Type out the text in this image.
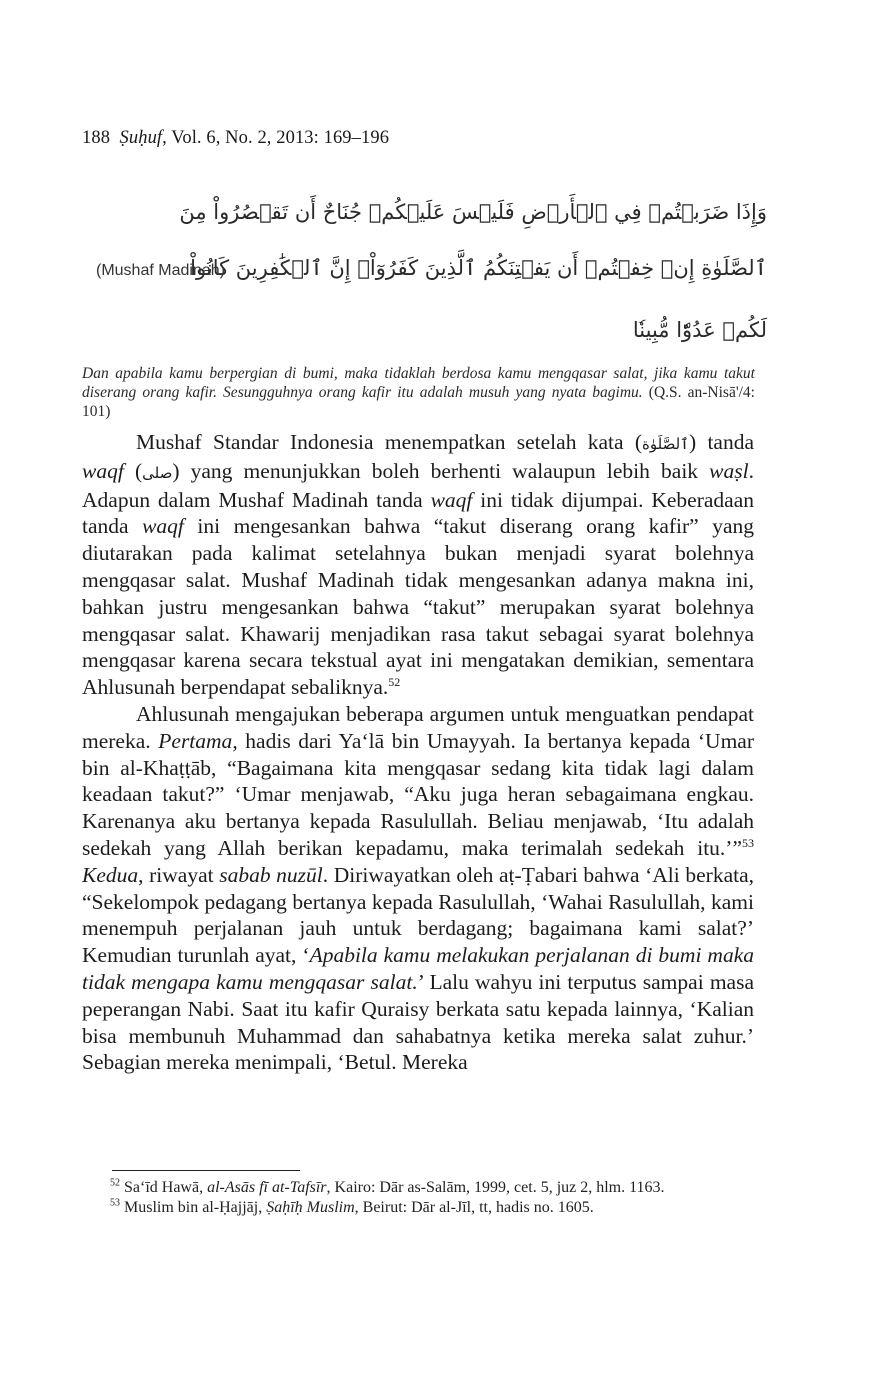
188 Ṣuḥuf, Vol. 6, No. 2, 2013: 169–196
وَإِذَا ضَرَبۡتُمۡ فِي ٱلۡأَرۡضِ فَلَيۡسَ عَلَيۡكُمۡ جُنَاحٌ أَن تَقۡصُرُواْ مِنَ
ٱلصَّلَوٰةِ إِنۡ خِفۡتُمۡ أَن يَفۡتِنَكُمُ ٱلَّذِينَ كَفَرُوٓاْۚ إِنَّ ٱلۡكَٰفِرِينَ كَانُواْ
لَكُمۡ عَدُوّٗا مُّبِينٗا
(Mushaf Madinah)
Dan apabila kamu berpergian di bumi, maka tidaklah berdosa kamu mengqasar salat, jika kamu takut diserang orang kafir. Sesungguhnya orang kafir itu adalah musuh yang nyata bagimu. (Q.S. an-Nisā'/4: 101)

Mushaf Standar Indonesia menempatkan setelah kata (ٱلصَّلَوٰة) tanda waqf (صلى) yang menunjukkan boleh berhenti walaupun lebih baik waṣl. Adapun dalam Mushaf Madinah tanda waqf ini tidak dijumpai. Keberadaan tanda waqf ini mengesankan bahwa “takut diserang orang kafir” yang diutarakan pada kalimat setelahnya bukan menjadi syarat bolehnya mengqasar salat. Mushaf Madinah tidak mengesankan adanya makna ini, bahkan justru mengesankan bahwa “takut” merupakan syarat bolehnya mengqasar salat. Khawarij menjadikan rasa takut sebagai syarat bolehnya mengqasar karena secara tekstual ayat ini mengatakan demikian, sementara Ahlusunah berpendapat sebaliknya.$^{52}$

Ahlusunah mengajukan beberapa argumen untuk menguatkan pendapat mereka. Pertama, hadis dari Ya‘lā bin Umayyah. Ia bertanya kepada ‘Umar bin al-Khaṭṭāb, “Bagaimana kita mengqasar sedang kita tidak lagi dalam keadaan takut?” ‘Umar menjawab, “Aku juga heran sebagaimana engkau. Karenanya aku bertanya kepada Rasulullah. Beliau menjawab, ‘Itu adalah sedekah yang Allah berikan kepadamu, maka terimalah sedekah itu.’”$^{53}$ Kedua, riwayat sabab nuzūl. Diriwayatkan oleh aṭ-Ṭabari bahwa ‘Ali berkata, “Sekelompok pedagang bertanya kepada Rasulullah, ‘Wahai Rasulullah, kami menempuh perjalanan jauh untuk berdagang; bagaimana kami salat?’ Kemudian turunlah ayat, ‘Apabila kamu melakukan perjalanan di bumi maka tidak mengapa kamu mengqasar salat.’ Lalu wahyu ini terputus sampai masa peperangan Nabi. Saat itu kafir Quraisy berkata satu kepada lainnya, ‘Kalian bisa membunuh Muhammad dan sahabatnya ketika mereka salat zuhur.’ Sebagian mereka menimpali, ‘Betul. Mereka

$^{52}$ Sa‘īd Hawā, al-Asās fī at-Tafsīr, Kairo: Dār as-Salām, 1999, cet. 5, juz 2, hlm. 1163.

$^{53}$ Muslim bin al-Ḥajjāj, Ṣaḥīḥ Muslim, Beirut: Dār al-Jīl, tt, hadis no. 1605.
